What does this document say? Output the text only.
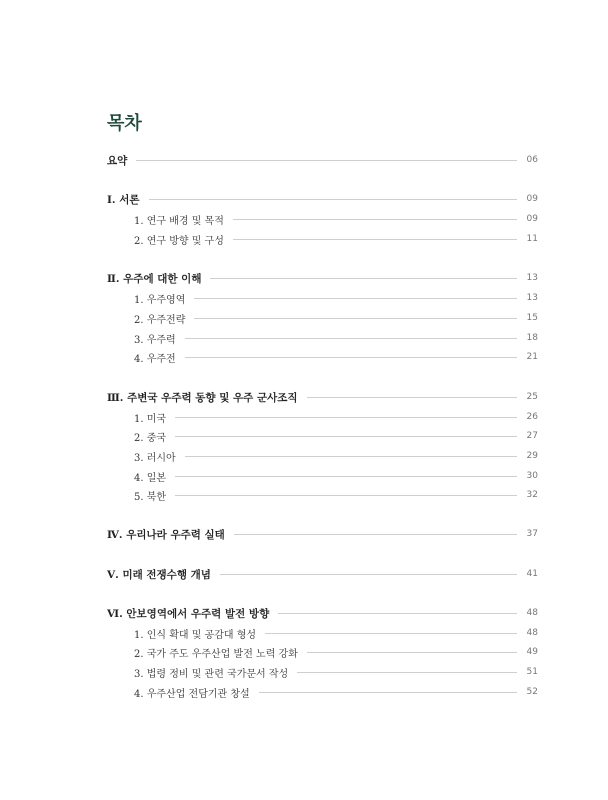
목차
요약	06
I. 서론	09
1. 연구 배경 및 목적	09
2. 연구 방향 및 구성	11
Ⅱ. 우주에 대한 이해	13
1. 우주영역	13
2. 우주전략	15
3. 우주력	18
4. 우주전	21
Ⅲ. 주변국 우주력 동향 및 우주 군사조직	25
1. 미국	26
2. 중국	27
3. 러시아	29
4. 일본	30
5. 북한	32
Ⅳ. 우리나라 우주력 실태	37
Ⅴ. 미래 전쟁수행 개념	41
Ⅵ. 안보영역에서 우주력 발전 방향	48
1. 인식 확대 및 공감대 형성	48
2. 국가 주도 우주산업 발전 노력 강화	49
3. 법령 정비 및 관련 국가문서 작성	51
4. 우주산업 전담기관 창설	52
